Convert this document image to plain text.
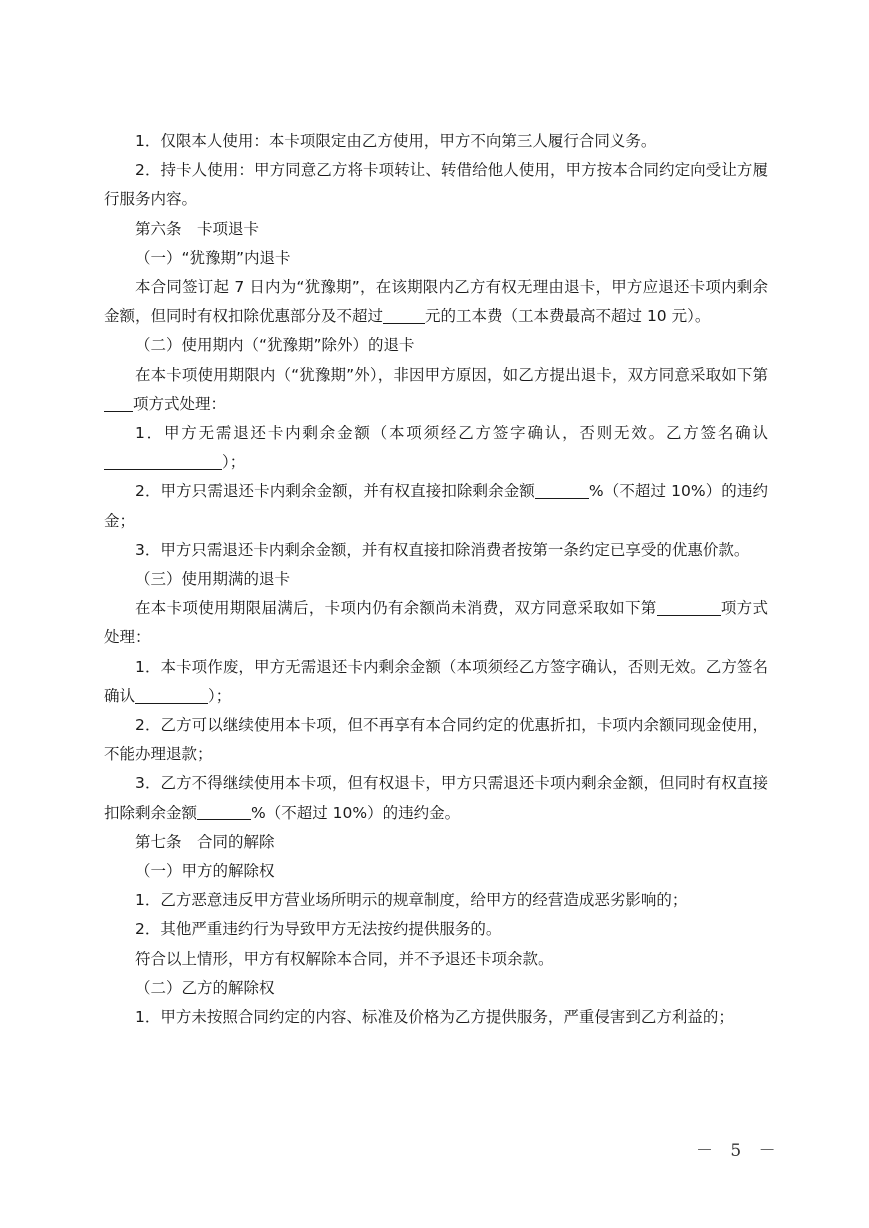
1．仅限本人使用：本卡项限定由乙方使用，甲方不向第三人履行合同义务。

2．持卡人使用：甲方同意乙方将卡项转让、转借给他人使用，甲方按本合同约定向受让方履行服务内容。

第六条　卡项退卡

（一）“犹豫期”内退卡

本合同签订起 7 日内为“犹豫期”，在该期限内乙方有权无理由退卡，甲方应退还卡项内剩余金额，但同时有权扣除优惠部分及不超过	元的工本费（工本费最高不超过 10 元）。

（二）使用期内（“犹豫期”除外）的退卡

在本卡项使用期限内（“犹豫期”外），非因甲方原因，如乙方提出退卡，双方同意采取如下第项方式处理：

1．甲方无需退还卡内剩余金额（本项须经乙方签字确认，否则无效。乙方签名确认）；

2．甲方只需退还卡内剩余金额，并有权直接扣除剩余金额	%（不超过 10%）的违约金；

3．甲方只需退还卡内剩余金额，并有权直接扣除消费者按第一条约定已享受的优惠价款。

（三）使用期满的退卡

在本卡项使用期限届满后，卡项内仍有余额尚未消费，双方同意采取如下第	项方式处理：

1．本卡项作废，甲方无需退还卡内剩余金额（本项须经乙方签字确认，否则无效。乙方签名确认	）；

2．乙方可以继续使用本卡项，但不再享有本合同约定的优惠折扣，卡项内余额同现金使用，不能办理退款；

3．乙方不得继续使用本卡项，但有权退卡，甲方只需退还卡项内剩余金额，但同时有权直接扣除剩余金额	%（不超过 10%）的违约金。

第七条　合同的解除

（一）甲方的解除权

1．乙方恶意违反甲方营业场所明示的规章制度，给甲方的经营造成恶劣影响的；

2．其他严重违约行为导致甲方无法按约提供服务的。

符合以上情形，甲方有权解除本合同，并不予退还卡项余款。

（二）乙方的解除权

1．甲方未按照合同约定的内容、标准及价格为乙方提供服务，严重侵害到乙方利益的；

－ 5 －
